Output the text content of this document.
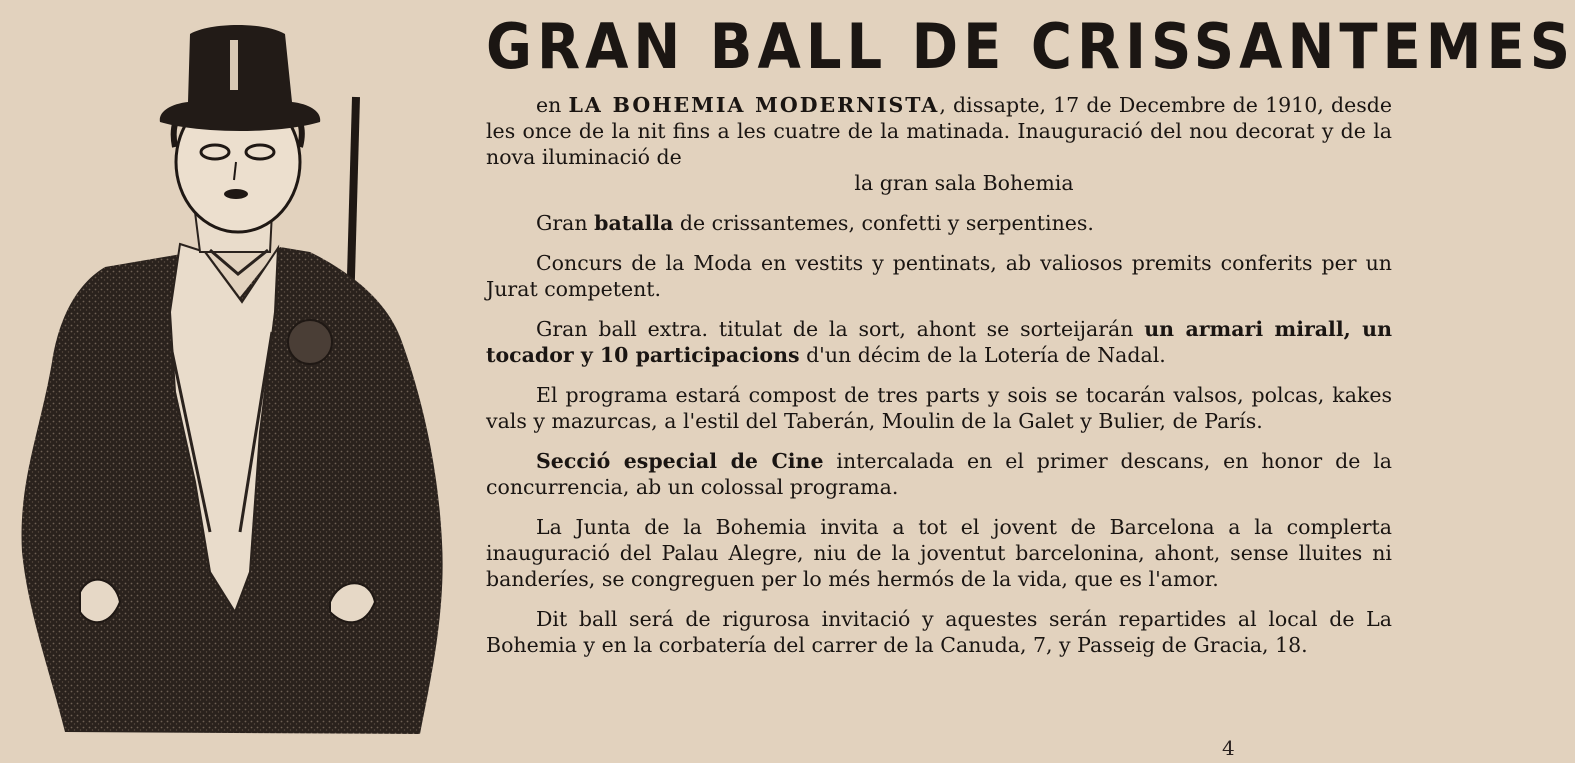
GRAN BALL DE CRISSANTEMES

en LA BOHEMIA MODERNISTA, dissapte, 17 de Decembre de 1910, desde les once de la nit fins a les cuatre de la matinada. Inauguració del nou decorat y de la nova iluminació de
la gran sala Bohemia

Gran batalla de crissantemes, confetti y serpentines.

Concurs de la Moda en vestits y pentinats, ab valiosos premits conferits per un Jurat competent.

Gran ball extra. titulat de la sort, ahont se sorteijarán un armari mirall, un tocador y 10 participacions d'un décim de la Lotería de Nadal.

El programa estará compost de tres parts y sois se tocarán valsos, polcas, kakes vals y mazurcas, a l'estil del Taberán, Moulin de la Galet y Bulier, de París.

Secció especial de Cine intercalada en el primer descans, en honor de la concurrencia, ab un colossal programa.

La Junta de la Bohemia invita a tot el jovent de Barcelona a la complerta inauguració del Palau Alegre, niu de la joventut barcelonina, ahont, sense lluites ni banderíes, se congreguen per lo més hermós de la vida, que es l'amor.

Dit ball será de rigurosa invitació y aquestes serán repartides al local de La Bohemia y en la corbatería del carrer de la Canuda, 7, y Passeig de Gracia, 18.

4
